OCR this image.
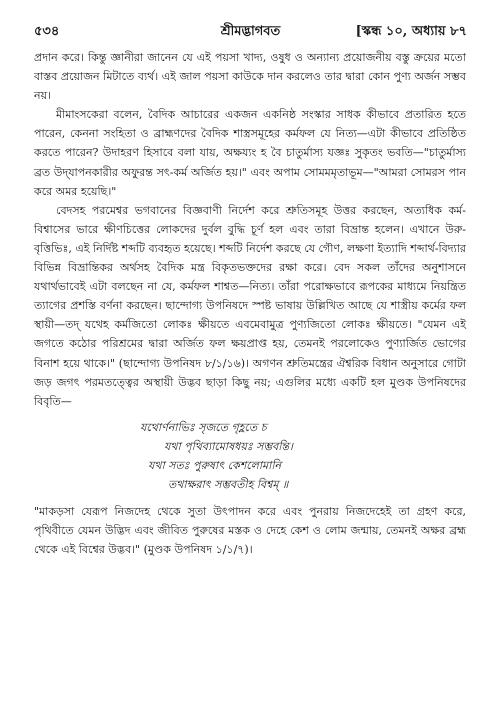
৫৩৪	শ্রীমদ্ভাগবত	[স্কন্ধ ১০, অধ্যায় ৮৭

প্রদান করে। কিন্তু জ্ঞানীরা জানেন যে এই পয়সা খাদ্য, ওষুধ ও অন্যান্য প্রয়োজনীয় বস্তু ক্রয়ের মতো বাস্তব প্রয়োজন মিটাতে ব্যর্থ। এই জাল পয়সা কাউকে দান করলেও তার দ্বারা কোন পুণ্য অর্জন সম্ভব নয়।

মীমাংসকেরা বলেন, বৈদিক আচারের একজন একনিষ্ঠ সংস্কার সাধক কীভাবে প্রতারিত হতে পারেন, কেননা সংহিতা ও ব্রাহ্মণদের বৈদিক শাস্ত্রসমূহের কর্মফল যে নিত্য—এটা কীভাবে প্রতিষ্ঠিত করতে পারেন? উদাহরণ হিসাবে বলা যায়, অক্ষয্যং হ বৈ চাতুর্মাস্য যজ্ঞঃ সুকৃতং ভবতি—"চাতুর্মাস্য ব্রত উদ্‌যাপনকারীর অফুরন্ত সৎ-কর্ম অর্জিত হয়।" এবং অপাম সোমমমৃতাভূম—"আমরা সোমরস পান করে অমর হয়েছি।"

বেদসহ পরমেশ্বর ভগবানের বিজ্ঞবাণী নির্দেশ করে শ্রুতিসমূহ উত্তর করছেন, অত্যধিক কর্ম-বিশ্বাসের ভারে ক্ষীণচিত্তের লোকদের দুর্বল বুদ্ধি চূর্ণ হল এবং তারা বিভ্রান্ত হলেন। এখানে উরু-বৃত্তিভিঃ, এই নির্দিষ্ট শব্দটি ব্যবহৃত হয়েছে। শব্দটি নির্দেশ করছে যে গৌণ, লক্ষণা ইত্যাদি শব্দার্থ-বিদ্যার বিভিন্ন বিভ্রান্তিকর অর্থসহ বৈদিক মন্ত্র বিকৃতভক্তদের রক্ষা করে। বেদ সকল তাঁদের অনুশাসনে যথার্থভাবেই এটা বলছেন না যে, কর্মফল শাশ্বত—নিত্য। তাঁরা পরোক্ষভাবে রূপকের মাধ্যমে নিয়ন্ত্রিত ত্যাগের প্রশস্তি বর্ণনা করছেন। ছান্দোগ্য উপনিষদে স্পষ্ট ভাষায় উল্লিখিত আছে যে শাস্ত্রীয় কর্মের ফল স্থায়ী—তদ্ যথেহ কর্মজিতো লোকঃ ক্ষীয়তে এবমেবামুত্র পুণ্যজিতো লোকঃ ক্ষীয়তে। "যেমন এই জগতে কঠোর পরিশ্রমের দ্বারা অর্জিত ফল ক্ষয়প্রাপ্ত হয়, তেমনই পরলোকেও পুণ্যার্জিত ভোগের বিনাশ হয়ে থাকে।" (ছান্দোগ্য উপনিষদ ৮/১/১৬)। অগণন শ্রুতিমন্ত্রের ঐশ্বরিক বিধান অনুসারে গোটা জড় জগৎ পরমতত্ত্বের অস্থায়ী উদ্ভব ছাড়া কিছু নয়; এগুলির মধ্যে একটি হল মুণ্ডক উপনিষদের বিবৃতি—

যথোর্ণনাভিঃ সৃজতে গৃহ্ণতে চ
যথা পৃথিব্যামোষধয়ঃ সম্ভবন্তি।
যথা সতঃ পুরুষাৎ কেশলোমানি
তথাক্ষরাৎ সম্ভবতীহ বিশ্বম্ ॥

"মাকড়সা যেরূপ নিজদেহ থেকে সুতা উৎপাদন করে এবং পুনরায় নিজদেহেই তা গ্রহণ করে, পৃথিবীতে যেমন উদ্ভিদ এবং জীবিত পুরুষের মস্তক ও দেহে কেশ ও লোম জন্মায়, তেমনই অক্ষর ব্রহ্ম থেকে এই বিশ্বের উদ্ভব।" (মুণ্ডক উপনিষদ ১/১/৭)।
